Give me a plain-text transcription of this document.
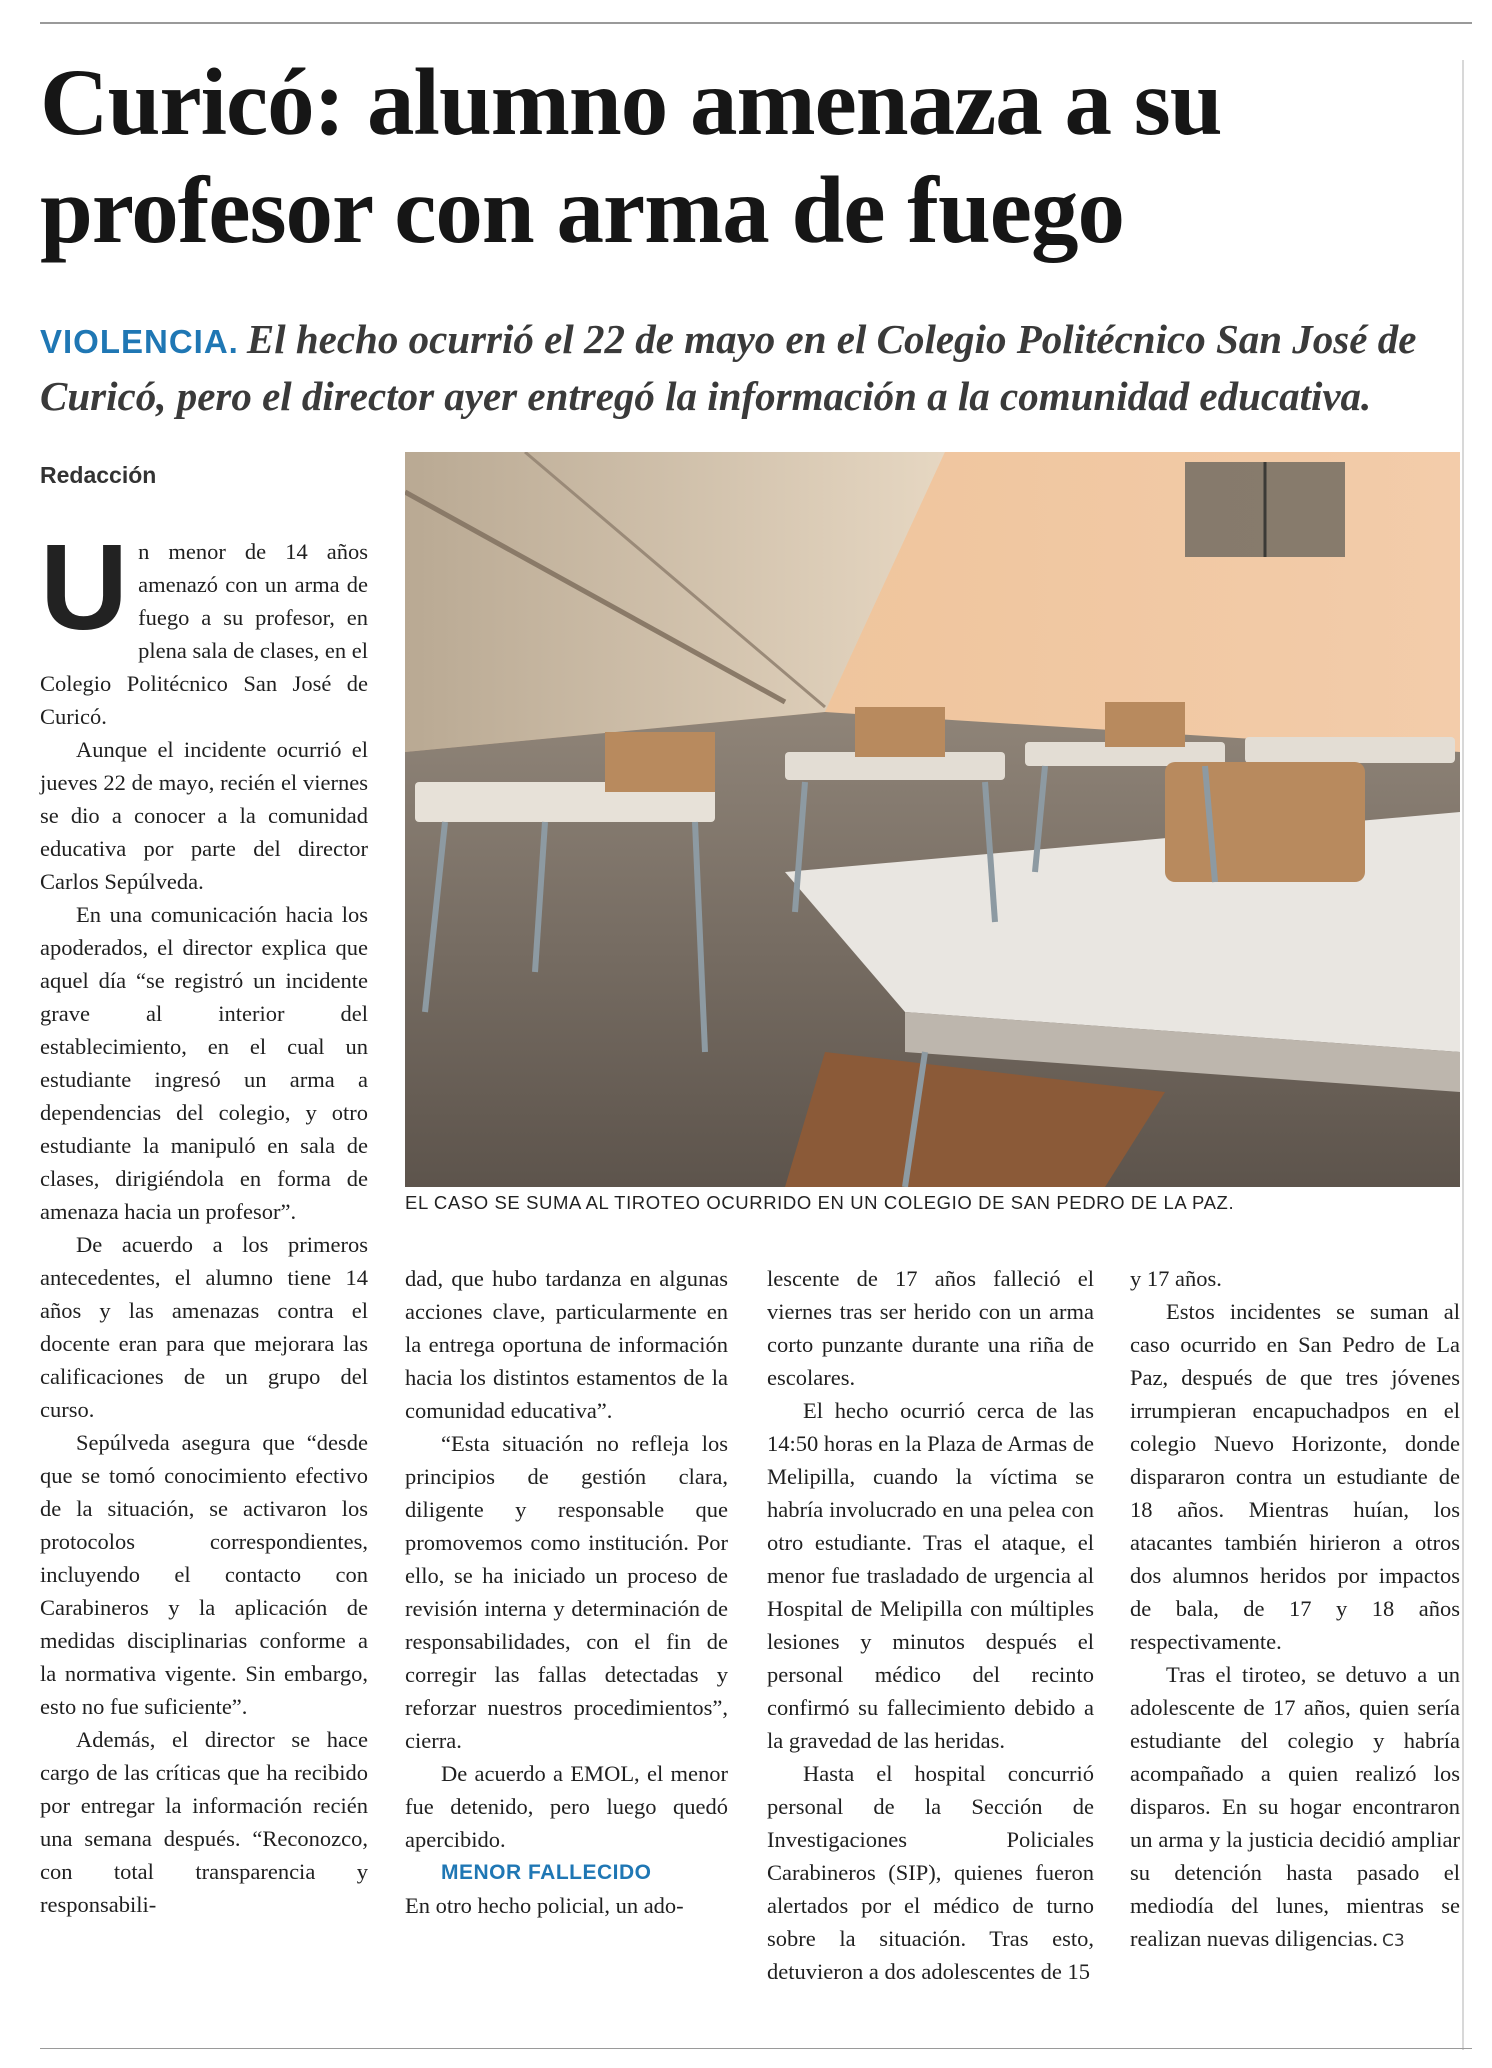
Curicó: alumno amenaza a su profesor con arma de fuego

VIOLENCIA. El hecho ocurrió el 22 de mayo en el Colegio Politécnico San José de Curicó, pero el director ayer entregó la información a la comunidad educativa.

Redacción
EL CASO SE SUMA AL TIROTEO OCURRIDO EN UN COLEGIO DE SAN PEDRO DE LA PAZ.
U n menor de 14 años amenazó con un arma de fuego a su profesor, en plena sala de clases, en el Colegio Politécnico San José de Curicó.

Aunque el incidente ocurrió el jueves 22 de mayo, recién el viernes se dio a conocer a la comunidad educativa por parte del director Carlos Sepúlveda.

En una comunicación hacia los apoderados, el director explica que aquel día “se registró un incidente grave al interior del establecimiento, en el cual un estudiante ingresó un arma a dependencias del colegio, y otro estudiante la manipuló en sala de clases, dirigiéndola en forma de amenaza hacia un profesor”.

De acuerdo a los primeros antecedentes, el alumno tiene 14 años y las amenazas contra el docente eran para que mejorara las calificaciones de un grupo del curso.

Sepúlveda asegura que “desde que se tomó conocimiento efectivo de la situación, se activaron los protocolos correspondientes, incluyendo el contacto con Carabineros y la aplicación de medidas disciplinarias conforme a la normativa vigente. Sin embargo, esto no fue suficiente”.

Además, el director se hace cargo de las críticas que ha recibido por entregar la información recién una semana después. “Reconozco, con total transparencia y responsabili-

dad, que hubo tardanza en algunas acciones clave, particularmente en la entrega oportuna de información hacia los distintos estamentos de la comunidad educativa”.

“Esta situación no refleja los principios de gestión clara, diligente y responsable que promovemos como institución. Por ello, se ha iniciado un proceso de revisión interna y determinación de responsabilidades, con el fin de corregir las fallas detectadas y reforzar nuestros procedimientos”, cierra.

De acuerdo a EMOL, el menor fue detenido, pero luego quedó apercibido.

MENOR FALLECIDO

En otro hecho policial, un ado-

lescente de 17 años falleció el viernes tras ser herido con un arma corto punzante durante una riña de escolares.

El hecho ocurrió cerca de las 14:50 horas en la Plaza de Armas de Melipilla, cuando la víctima se habría involucrado en una pelea con otro estudiante. Tras el ataque, el menor fue trasladado de urgencia al Hospital de Melipilla con múltiples lesiones y minutos después el personal médico del recinto confirmó su fallecimiento debido a la gravedad de las heridas.

Hasta el hospital concurrió personal de la Sección de Investigaciones Policiales Carabineros (SIP), quienes fueron alertados por el médico de turno sobre la situación. Tras esto, detuvieron a dos adolescentes de 15

y 17 años.

Estos incidentes se suman al caso ocurrido en San Pedro de La Paz, después de que tres jóvenes irrumpieran encapuchadpos en el colegio Nuevo Horizonte, donde dispararon contra un estudiante de 18 años. Mientras huían, los atacantes también hirieron a otros dos alumnos heridos por impactos de bala, de 17 y 18 años respectivamente.

Tras el tiroteo, se detuvo a un adolescente de 17 años, quien sería estudiante del colegio y habría acompañado a quien realizó los disparos. En su hogar encontraron un arma y la justicia decidió ampliar su detención hasta pasado el mediodía del lunes, mientras se realizan nuevas diligencias. C3
